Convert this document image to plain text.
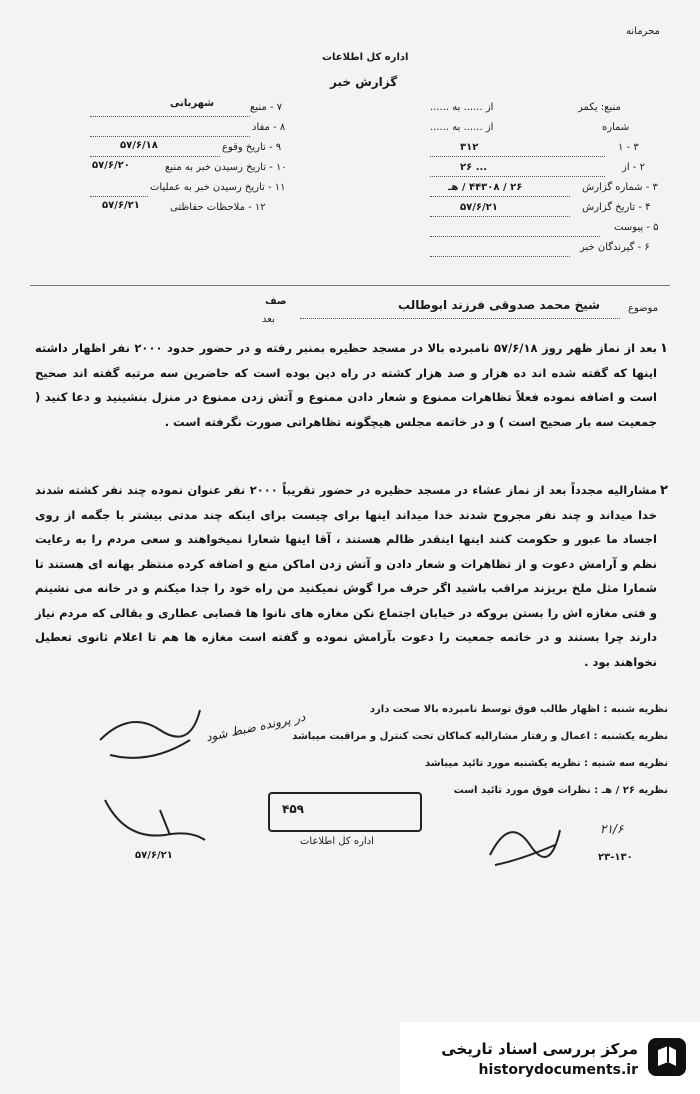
محرمانه
اداره کل اطلاعات
گزارش خبر
منبع: یکمر
از ...... به ......
شماره
از ...... به ......
۱ - ۳
۳۱۲
۲ - از
۲۶ ...
۳ - شماره گزارش
۲۶ / ۴۴۳۰۸ / هـ
۴ - تاریخ گزارش
۵۷/۶/۲۱
۵ - پیوست
۶ - گیرندگان خبر
شهربانی	۷ - منبع
۸ - مفاد
۹ - تاریخ وقوع
۵۷/۶/۱۸
۱۰ - تاریخ رسیدن خبر به منبع
۵۷/۶/۲۰
۱۱ - تاریخ رسیدن خبر به عملیات
۱۲ - ملاحظات حفاظتی
۵۷/۶/۲۱
موضوع
شیخ محمد صدوقی فرزند ابوطالب
صف
بعد
۱
بعد از نماز ظهر روز ۵۷/۶/۱۸ نامبرده بالا در مسجد حظیره بمنبر رفته و در حضور حدود ۲۰۰۰ نفر اظهار داشته اینها که گفته شده اند ده هزار و صد هزار کشته در راه دین بوده است که حاضرین سه مرتبه گفته اند صحیح است و اضافه نموده فعلاً تظاهرات ممنوع و شعار دادن ممنوع و آتش زدن ممنوع در منزل بنشینید و دعا کنید ( جمعیت سه بار صحیح است ) و در خاتمه مجلس هیچگونه تظاهراتی صورت نگرفته است .
۲
مشارالیه مجدداً بعد از نماز عشاء در مسجد حظیره در حضور تقریباً ۲۰۰۰ نفر عنوان نموده چند نفر کشته شدند خدا میداند و چند نفر مجروح شدند خدا میداند اینها برای چیست برای اینکه چند مدتی بیشتر با جگمه از روی اجساد ما عبور و حکومت کنند اینها اینقدر ظالم هستند ، آقا اینها شعارا نمیخواهند و سعی مردم را به رعایت نظم و آرامش دعوت و از تظاهرات و شعار دادن و آتش زدن اماکن منع و اضافه کرده منتظر بهانه ای هستند تا شمارا مثل ملخ بریزند مراقب باشید اگر حرف مرا گوش نمیکنید من راه خود را جدا میکنم و در خانه می نشینم و فتی مغازه اش را بستن بروکه در خیابان اجتماع نکن مغازه های نانوا ها قصابی عطاری و بقالی که مردم نیاز دارند چرا بستند و در خاتمه جمعیت را دعوت بآرامش نموده و گفته است مغازه ها هم تا اعلام ثانوی تعطیل نخواهند بود .
نظریه شنبه : اظهار طالب فوق توسط نامبرده بالا صحت دارد
نظریه یکشنبه : اعمال و رفتار مشارالیه کماکان تحت کنترل و مراقبت میباشد
نظریه سه شنبه : نظریه یکشنبه مورد تائید میباشد
نظریه ۲۶ / هـ : نظرات فوق مورد تائید است
در پرونده ضبط شود
۴۵۹
اداره کل اطلاعات
۵۷/۶/۲۱
۲۱/۶
۲۳-۱۳۰
مرکز بررسی اسناد تاریخی
historydocuments.ir
